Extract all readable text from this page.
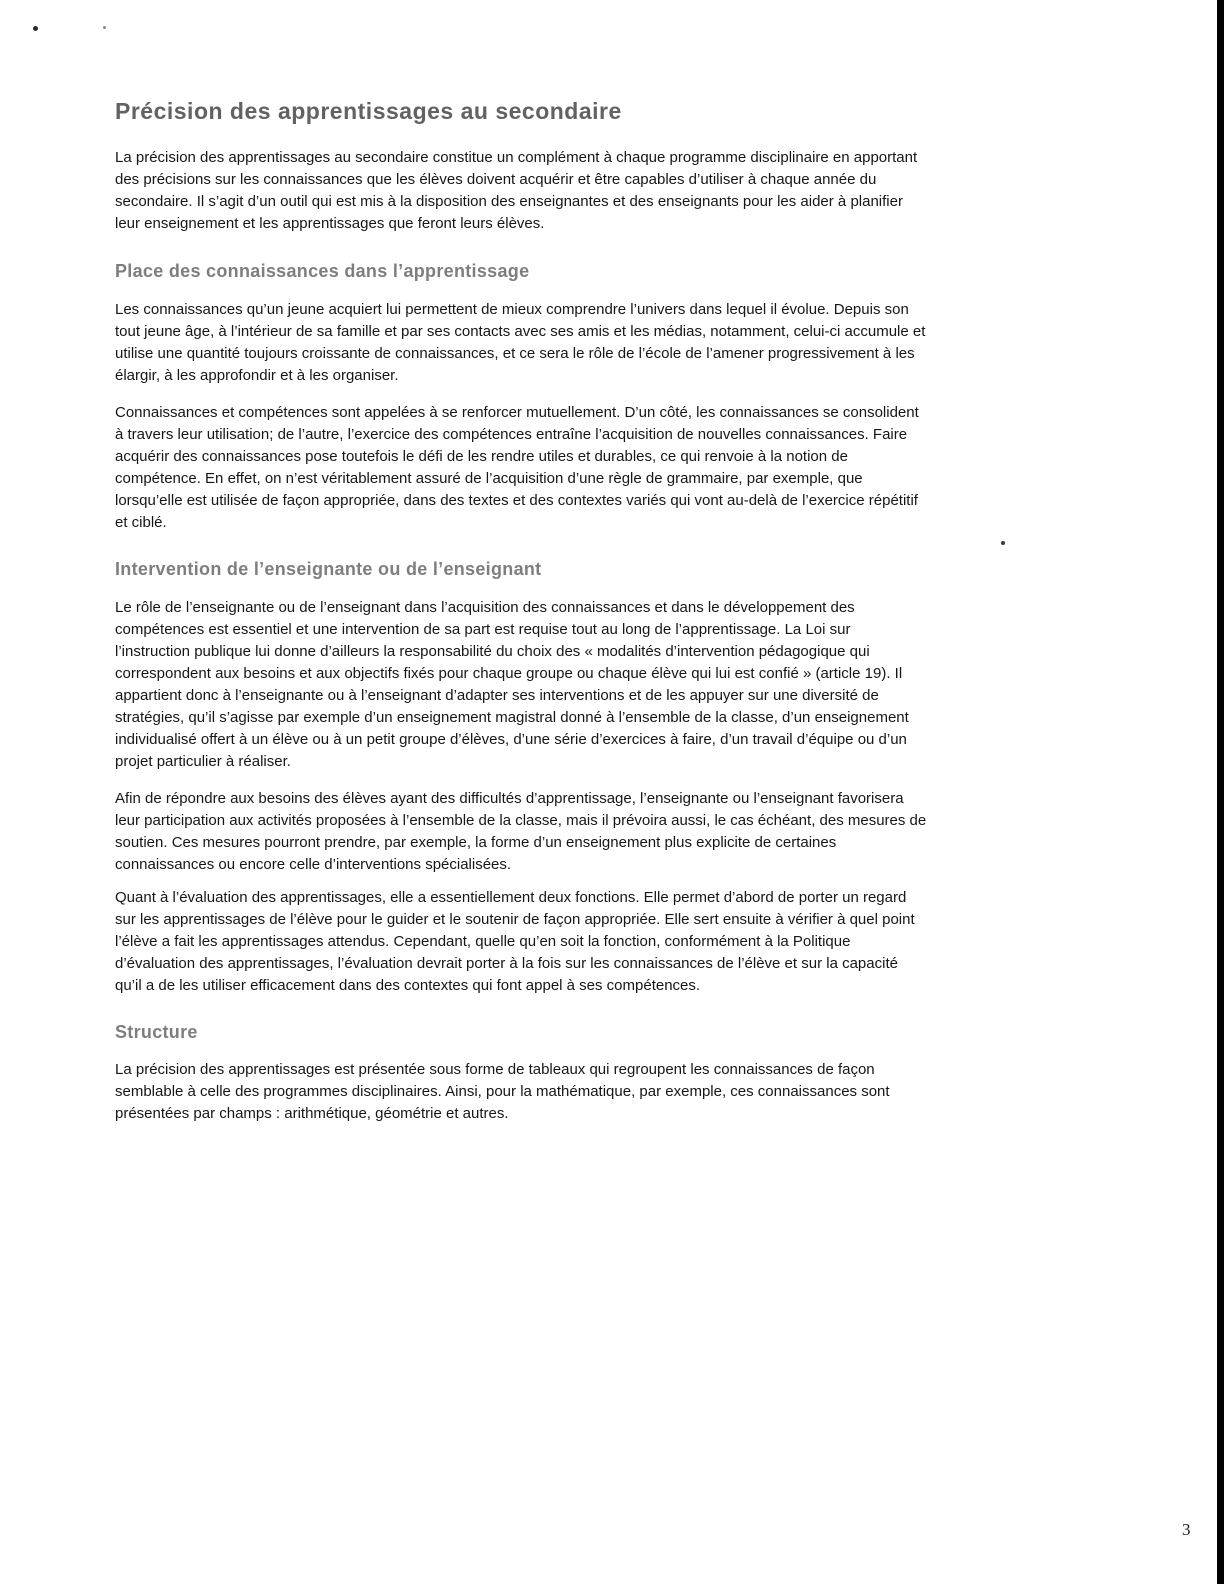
Précision des apprentissages au secondaire

La précision des apprentissages au secondaire constitue un complément à chaque programme disciplinaire en apportant
des précisions sur les connaissances que les élèves doivent acquérir et être capables d’utiliser à chaque année du
secondaire. Il s’agit d’un outil qui est mis à la disposition des enseignantes et des enseignants pour les aider à planifier
leur enseignement et les apprentissages que feront leurs élèves.

Place des connaissances dans l’apprentissage

Les connaissances qu’un jeune acquiert lui permettent de mieux comprendre l’univers dans lequel il évolue. Depuis son
tout jeune âge, à l’intérieur de sa famille et par ses contacts avec ses amis et les médias, notamment, celui-ci accumule et
utilise une quantité toujours croissante de connaissances, et ce sera le rôle de l’école de l’amener progressivement à les
élargir, à les approfondir et à les organiser.

Connaissances et compétences sont appelées à se renforcer mutuellement. D’un côté, les connaissances se consolident
à travers leur utilisation; de l’autre, l’exercice des compétences entraîne l’acquisition de nouvelles connaissances. Faire
acquérir des connaissances pose toutefois le défi de les rendre utiles et durables, ce qui renvoie à la notion de
compétence. En effet, on n’est véritablement assuré de l’acquisition d’une règle de grammaire, par exemple, que
lorsqu’elle est utilisée de façon appropriée, dans des textes et des contextes variés qui vont au-delà de l’exercice répétitif
et ciblé.

Intervention de l’enseignante ou de l’enseignant

Le rôle de l’enseignante ou de l’enseignant dans l’acquisition des connaissances et dans le développement des
compétences est essentiel et une intervention de sa part est requise tout au long de l’apprentissage. La Loi sur
l’instruction publique lui donne d’ailleurs la responsabilité du choix des « modalités d’intervention pédagogique qui
correspondent aux besoins et aux objectifs fixés pour chaque groupe ou chaque élève qui lui est confié » (article 19). Il
appartient donc à l’enseignante ou à l’enseignant d’adapter ses interventions et de les appuyer sur une diversité de
stratégies, qu’il s’agisse par exemple d’un enseignement magistral donné à l’ensemble de la classe, d’un enseignement
individualisé offert à un élève ou à un petit groupe d’élèves, d’une série d’exercices à faire, d’un travail d’équipe ou d’un
projet particulier à réaliser.

Afin de répondre aux besoins des élèves ayant des difficultés d’apprentissage, l’enseignante ou l’enseignant favorisera
leur participation aux activités proposées à l’ensemble de la classe, mais il prévoira aussi, le cas échéant, des mesures de
soutien. Ces mesures pourront prendre, par exemple, la forme d’un enseignement plus explicite de certaines
connaissances ou encore celle d’interventions spécialisées.

Quant à l’évaluation des apprentissages, elle a essentiellement deux fonctions. Elle permet d’abord de porter un regard
sur les apprentissages de l’élève pour le guider et le soutenir de façon appropriée. Elle sert ensuite à vérifier à quel point
l’élève a fait les apprentissages attendus. Cependant, quelle qu’en soit la fonction, conformément à la Politique
d’évaluation des apprentissages, l’évaluation devrait porter à la fois sur les connaissances de l’élève et sur la capacité
qu’il a de les utiliser efficacement dans des contextes qui font appel à ses compétences.

Structure

La précision des apprentissages est présentée sous forme de tableaux qui regroupent les connaissances de façon
semblable à celle des programmes disciplinaires. Ainsi, pour la mathématique, par exemple, ces connaissances sont
présentées par champs : arithmétique, géométrie et autres.

3
